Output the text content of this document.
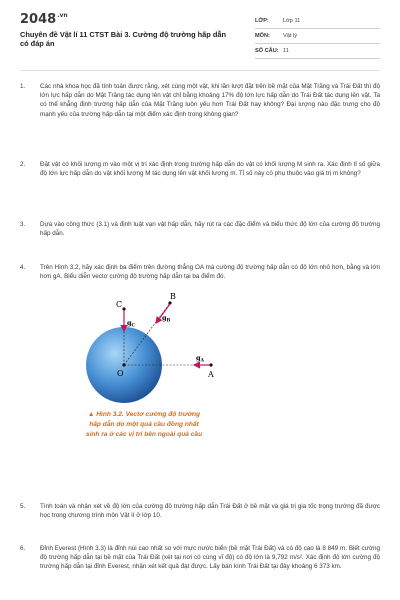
$2048^{.vn}$
Chuyên đề Vật lí 11 CTST Bài 3. Cường độ trường hấp dẫn có đáp án
LỚP:	Lớp 11
MÔN:	Vật lý
SỐ CÂU: 11
1. Các nhà khoa học đã tính toán được rằng, xét cùng một vật, khi lần lượt đặt trên bề mặt của Mặt Trăng và Trái Đất thì độ lớn lực hấp dẫn do Mặt Trăng tác dụng lên vật chỉ bằng khoảng 17% độ lớn lực hấp dẫn do Trái Đất tác dụng lên vật. Ta có thể khẳng định trường hấp dẫn của Mặt Trăng luôn yếu hơn Trái Đất hay không? Đại lượng nào đặc trưng cho độ mạnh yếu của trường hấp dẫn tại một điểm xác định trong không gian?
2. Đặt vật có khối lượng m vào một vị trí xác định trong trường hấp dẫn do vật có khối lượng M sinh ra. Xác định tỉ số giữa độ lớn lực hấp dẫn do vật khối lượng M tác dụng lên vật khối lượng m. Tỉ số này có phụ thuộc vào giá trị m không?
3. Dựa vào công thức (3.1) và định luật vạn vật hấp dẫn, hãy rút ra các đặc điểm và biểu thức độ lớn của cường độ trường hấp dẫn.
4. Trên Hình 3.2, hãy xác định ba điểm trên đường thẳng OA mà cường độ trường hấp dẫn có độ lớn nhỏ hơn, bằng và lớn hơn gA. Biểu diễn vectơ cường độ trường hấp dẫn tại ba điểm đó.
C
B
O	A
$g_C$
$g_B$
$g_A$
▲ Hình 3.2. Vectơ cường độ trường hấp dẫn do một quả cầu đồng nhất sinh ra ở các vị trí bên ngoài quả cầu
5. Tính toán và nhận xét về độ lớn của cường độ trường hấp dẫn Trái Đất ở bề mặt và giá trị gia tốc trọng trường đã được học trong chương trình môn Vật lí ở lớp 10.
6. Đỉnh Everest (Hình 3.3) là đỉnh núi cao nhất so với mực nước biển (bề mặt Trái Đất) và có độ cao là 8 849 m. Biết cường độ trường hấp dẫn tại bề mặt của Trái Đất (xét tại nơi có cùng vĩ độ) có độ lớn là 9,792 m/s². Xác định độ lớn cường độ trường hấp dẫn tại đỉnh Everest, nhận xét kết quả đạt được. Lấy bán kính Trái Đất tại đây khoảng 6 373 km.
